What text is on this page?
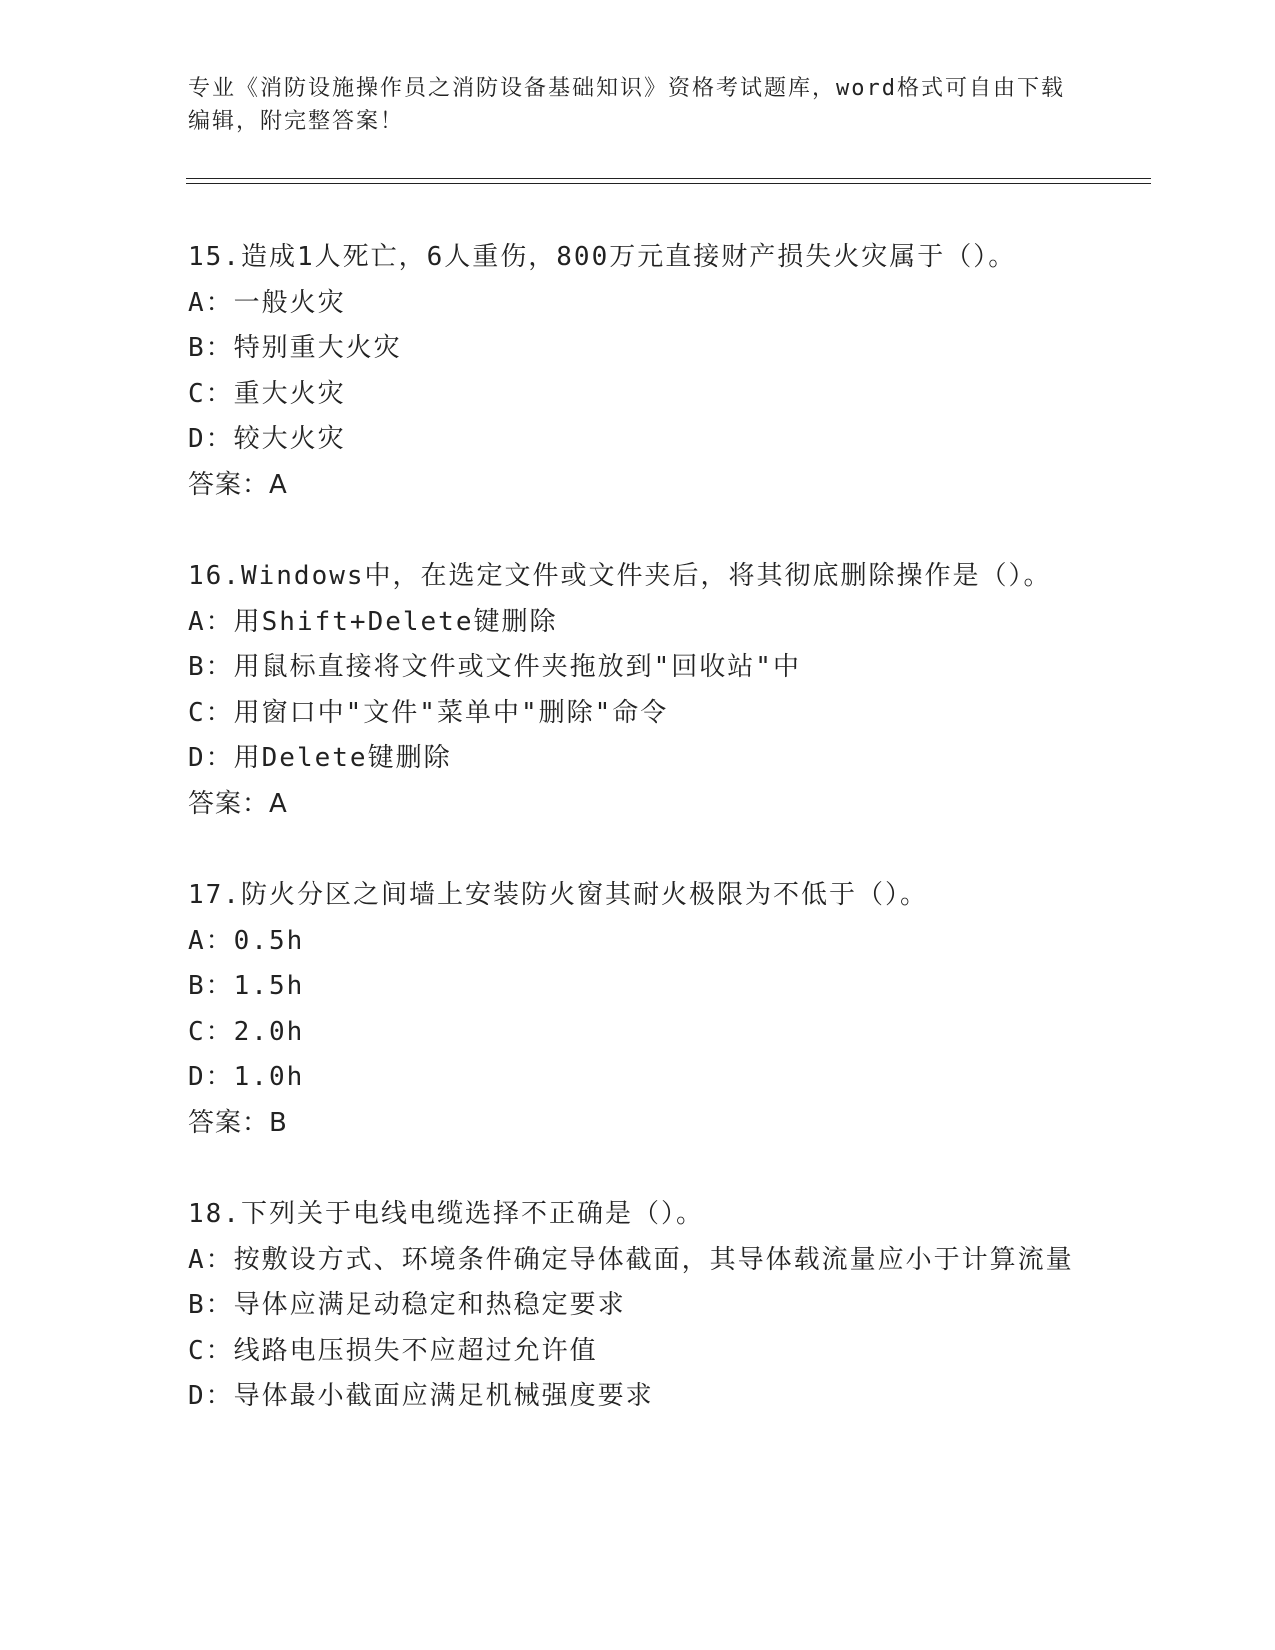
专业《消防设施操作员之消防设备基础知识》资格考试题库，word格式可自由下载编辑，附完整答案！
15.造成1人死亡，6人重伤，800万元直接财产损失火灾属于（）。
A：一般火灾
B：特别重大火灾
C：重大火灾
D：较大火灾
答案：A
16.Windows中，在选定文件或文件夹后，将其彻底删除操作是（）。
A：用Shift+Delete键删除
B：用鼠标直接将文件或文件夹拖放到"回收站"中
C：用窗口中"文件"菜单中"删除"命令
D：用Delete键删除
答案：A
17.防火分区之间墙上安装防火窗其耐火极限为不低于（）。
A：0.5h
B：1.5h
C：2.0h
D：1.0h
答案：B
18.下列关于电线电缆选择不正确是（）。
A：按敷设方式、环境条件确定导体截面，其导体载流量应小于计算流量
B：导体应满足动稳定和热稳定要求
C：线路电压损失不应超过允许值
D：导体最小截面应满足机械强度要求
